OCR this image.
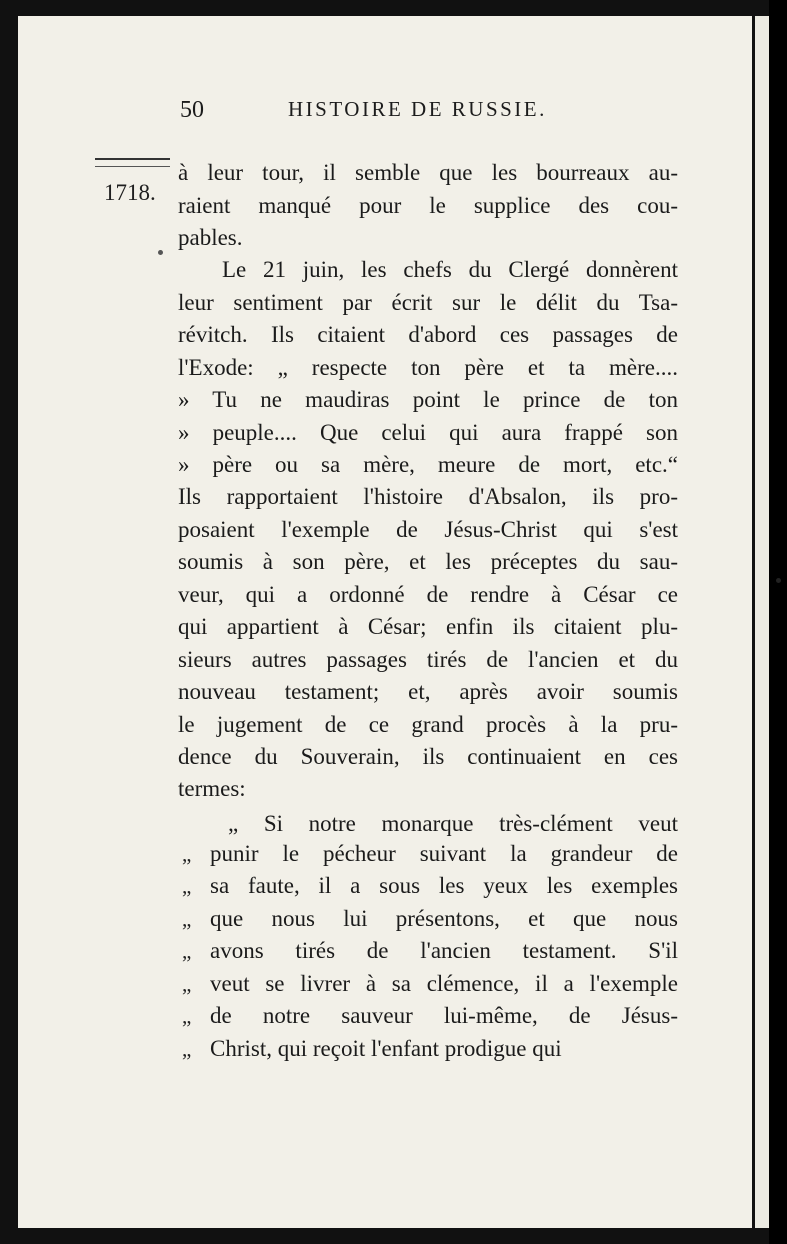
50	HISTOIRE DE RUSSIE.
1718.
à leur tour, il semble que les bourreaux au-
raient manqué pour le supplice des cou-
pables.
Le 21 juin, les chefs du Clergé donnèrent
leur sentiment par écrit sur le délit du Tsa-
révitch. Ils citaient d'abord ces passages de
l'Exode: „ respecte ton père et ta mère....
» Tu ne maudiras point le prince de ton
» peuple.... Que celui qui aura frappé son
» père ou sa mère, meure de mort, etc.“
Ils rapportaient l'histoire d'Absalon, ils pro-
posaient l'exemple de Jésus-Christ qui s'est
soumis à son père, et les préceptes du sau-
veur, qui a ordonné de rendre à César ce
qui appartient à César; enfin ils citaient plu-
sieurs autres passages tirés de l'ancien et du
nouveau testament; et, après avoir soumis
le jugement de ce grand procès à la pru-
dence du Souverain, ils continuaient en ces
termes:
„ Si notre monarque très-clément veut
„ punir le pécheur suivant la grandeur de
„ sa faute, il a sous les yeux les exemples
„ que nous lui présentons, et que nous
„ avons tirés de l'ancien testament. S'il
„ veut se livrer à sa clémence, il a l'exemple
„ de notre sauveur lui-même, de Jésus-
„ Christ, qui reçoit l'enfant prodigue qui
